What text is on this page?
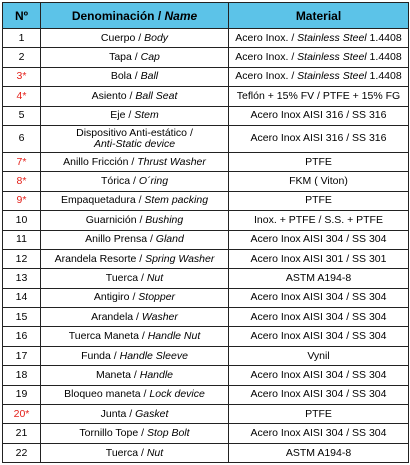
Nº	Denominación / Name	Material
1	Cuerpo / Body	Acero Inox. / Stainless Steel 1.4408
2	Tapa / Cap	Acero Inox. / Stainless Steel 1.4408
3*	Bola / Ball	Acero Inox. / Stainless Steel 1.4408
4*	Asiento / Ball Seat	Teflón + 15% FV / PTFE + 15% FG
5	Eje / Stem	Acero Inox AISI 316 / SS 316
6	Dispositivo Anti-estático /
Anti-Static device	Acero Inox AISI 316 / SS 316
7*	Anillo Fricción / Thrust Washer	PTFE
8*	Tórica / O´ring	FKM ( Viton)
9*	Empaquetadura / Stem packing	PTFE
10	Guarnición / Bushing	Inox. + PTFE / S.S. + PTFE
11	Anillo Prensa / Gland	Acero Inox AISI 304 / SS 304
12	Arandela Resorte / Spring Washer	Acero Inox AISI 301 / SS 301
13	Tuerca / Nut	ASTM A194-8
14	Antigiro / Stopper	Acero Inox AISI 304 / SS 304
15	Arandela / Washer	Acero Inox AISI 304 / SS 304
16	Tuerca Maneta / Handle Nut	Acero Inox AISI 304 / SS 304
17	Funda / Handle Sleeve	Vynil
18	Maneta / Handle	Acero Inox AISI 304 / SS 304
19	Bloqueo maneta / Lock device	Acero Inox AISI 304 / SS 304
20*	Junta / Gasket	PTFE
21	Tornillo Tope / Stop Bolt	Acero Inox AISI 304 / SS 304
22	Tuerca / Nut	ASTM A194-8
